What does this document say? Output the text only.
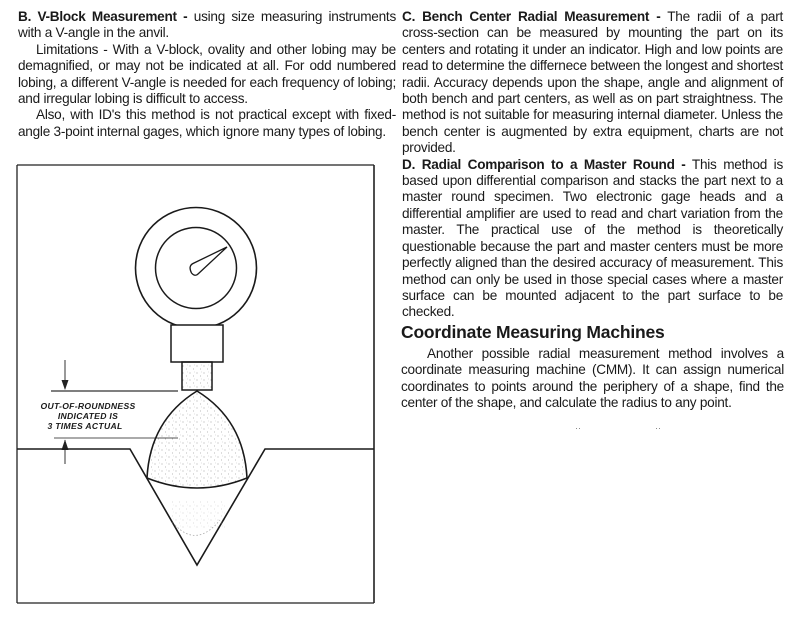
B. V-Block Measurement - using size measuring instruments with a V-angle in the anvil.

Limitations - With a V-block, ovality and other lobing may be demagnified, or may not be indicated at all. For odd numbered lobing, a different V-angle is needed for each frequency of lobing; and irregular lobing is difficult to access.

Also, with ID's this method is not practical except with fixed-angle 3-point internal gages, which ignore many types of lobing.

OUT-OF-ROUNDNESS
INDICATED IS
3 TIMES ACTUAL

C. Bench Center Radial Measurement - The radii of a part cross-section can be measured by mounting the part on its centers and rotating it under an indicator. High and low points are read to determine the differnece between the longest and shortest radii. Accuracy depends upon the shape, angle and alignment of both bench and part centers, as well as on part straightness. The method is not suitable for measuring internal diameter. Unless the bench center is augmented by extra equipment, charts are not provided.

D. Radial Comparison to a Master Round - This method is based upon differential comparison and stacks the part next to a master round specimen. Two electronic gage heads and a differential amplifier are used to read and chart variation from the master. The practical use of the method is theoretically questionable because the part and master centers must be more perfectly aligned than the desired accuracy of measurement. This method can only be used in those special cases where a master surface can be mounted adjacent to the part surface to be checked.

Coordinate Measuring Machines

Another possible radial measurement method involves a coordinate measuring machine (CMM). It can assign numerical coordinates to points around the periphery of a shape, find the center of the shape, and calculate the radius to any point.

··	··
